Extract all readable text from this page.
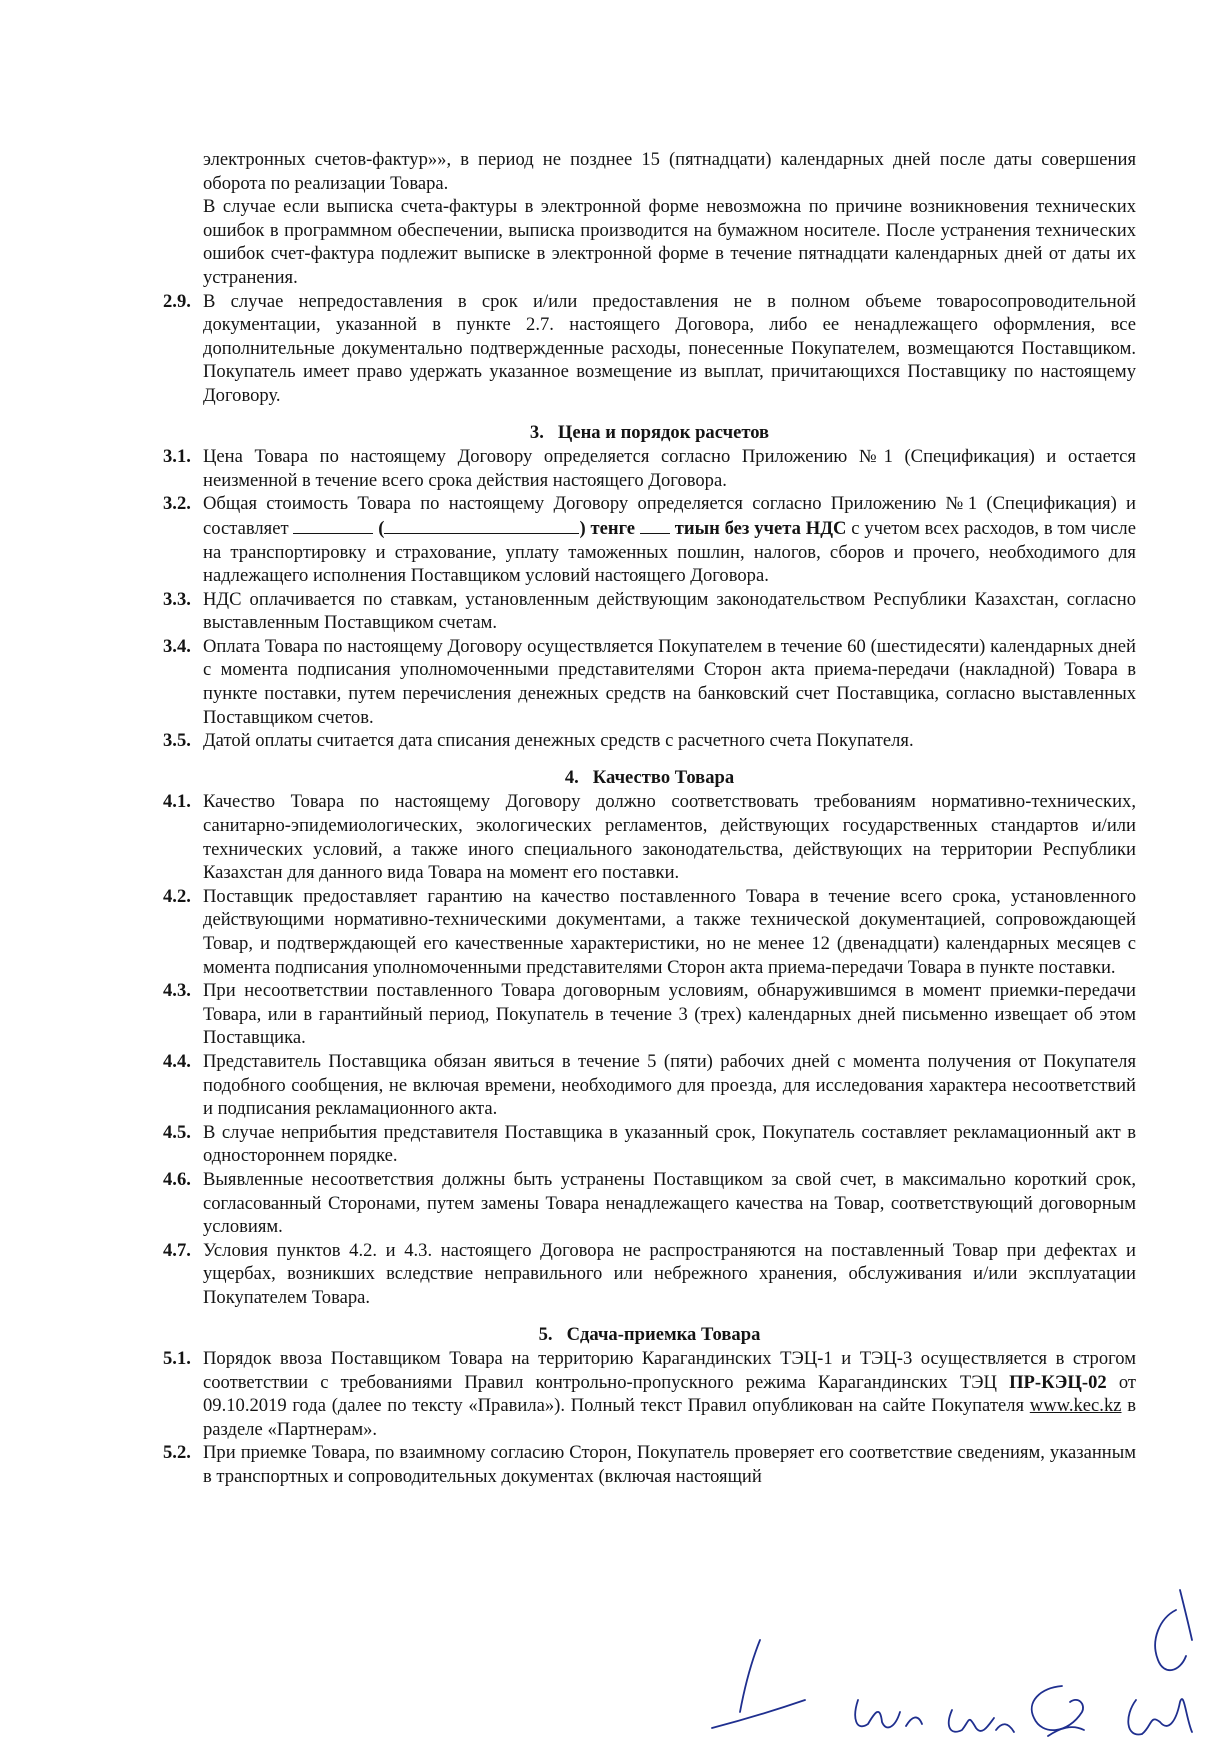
электронных счетов-фактур»», в период не позднее 15 (пятнадцати) календарных дней после даты совершения оборота по реализации Товара.
В случае если выписка счета-фактуры в электронной форме невозможна по причине возникновения технических ошибок в программном обеспечении, выписка производится на бумажном носителе. После устранения технических ошибок счет-фактура подлежит выписке в электронной форме в течение пятнадцати календарных дней от даты их устранения.
2.9. В случае непредоставления в срок и/или предоставления не в полном объеме товаросопроводительной документации, указанной в пункте 2.7. настоящего Договора, либо ее ненадлежащего оформления, все дополнительные документально подтвержденные расходы, понесенные Покупателем, возмещаются Поставщиком. Покупатель имеет право удержать указанное возмещение из выплат, причитающихся Поставщику по настоящему Договору.
3. Цена и порядок расчетов
3.1. Цена Товара по настоящему Договору определяется согласно Приложению №1 (Спецификация) и остается неизменной в течение всего срока действия настоящего Договора.
3.2. Общая стоимость Товара по настоящему Договору определяется согласно Приложению №1 (Спецификация) и составляет	(	) тенге тиын без учета НДС с учетом всех расходов, в том числе на транспортировку и страхование, уплату таможенных пошлин, налогов, сборов и прочего, необходимого для надлежащего исполнения Поставщиком условий настоящего Договора.
3.3. НДС оплачивается по ставкам, установленным действующим законодательством Республики Казахстан, согласно выставленным Поставщиком счетам.
3.4. Оплата Товара по настоящему Договору осуществляется Покупателем в течение 60 (шестидесяти) календарных дней с момента подписания уполномоченными представителями Сторон акта приема-передачи (накладной) Товара в пункте поставки, путем перечисления денежных средств на банковский счет Поставщика, согласно выставленных Поставщиком счетов.
3.5. Датой оплаты считается дата списания денежных средств с расчетного счета Покупателя.
4. Качество Товара
4.1. Качество Товара по настоящему Договору должно соответствовать требованиям нормативно-технических, санитарно-эпидемиологических, экологических регламентов, действующих государственных стандартов и/или технических условий, а также иного специального законодательства, действующих на территории Республики Казахстан для данного вида Товара на момент его поставки.
4.2. Поставщик предоставляет гарантию на качество поставленного Товара в течение всего срока, установленного действующими нормативно-техническими документами, а также технической документацией, сопровождающей Товар, и подтверждающей его качественные характеристики, но не менее 12 (двенадцати) календарных месяцев с момента подписания уполномоченными представителями Сторон акта приема-передачи Товара в пункте поставки.
4.3. При несоответствии поставленного Товара договорным условиям, обнаружившимся в момент приемки-передачи Товара, или в гарантийный период, Покупатель в течение 3 (трех) календарных дней письменно извещает об этом Поставщика.
4.4. Представитель Поставщика обязан явиться в течение 5 (пяти) рабочих дней с момента получения от Покупателя подобного сообщения, не включая времени, необходимого для проезда, для исследования характера несоответствий и подписания рекламационного акта.
4.5. В случае неприбытия представителя Поставщика в указанный срок, Покупатель составляет рекламационный акт в одностороннем порядке.
4.6. Выявленные несоответствия должны быть устранены Поставщиком за свой счет, в максимально короткий срок, согласованный Сторонами, путем замены Товара ненадлежащего качества на Товар, соответствующий договорным условиям.
4.7. Условия пунктов 4.2. и 4.3. настоящего Договора не распространяются на поставленный Товар при дефектах и ущербах, возникших вследствие неправильного или небрежного хранения, обслуживания и/или эксплуатации Покупателем Товара.
5. Сдача-приемка Товара
5.1. Порядок ввоза Поставщиком Товара на территорию Карагандинских ТЭЦ-1 и ТЭЦ-3 осуществляется в строгом соответствии с требованиями Правил контрольно-пропускного режима Карагандинских ТЭЦ ПР-КЭЦ-02 от 09.10.2019 года (далее по тексту «Правила»). Полный текст Правил опубликован на сайте Покупателя www.kec.kz в разделе «Партнерам».
5.2. При приемке Товара, по взаимному согласию Сторон, Покупатель проверяет его соответствие сведениям, указанным в транспортных и сопроводительных документах (включая настоящий
